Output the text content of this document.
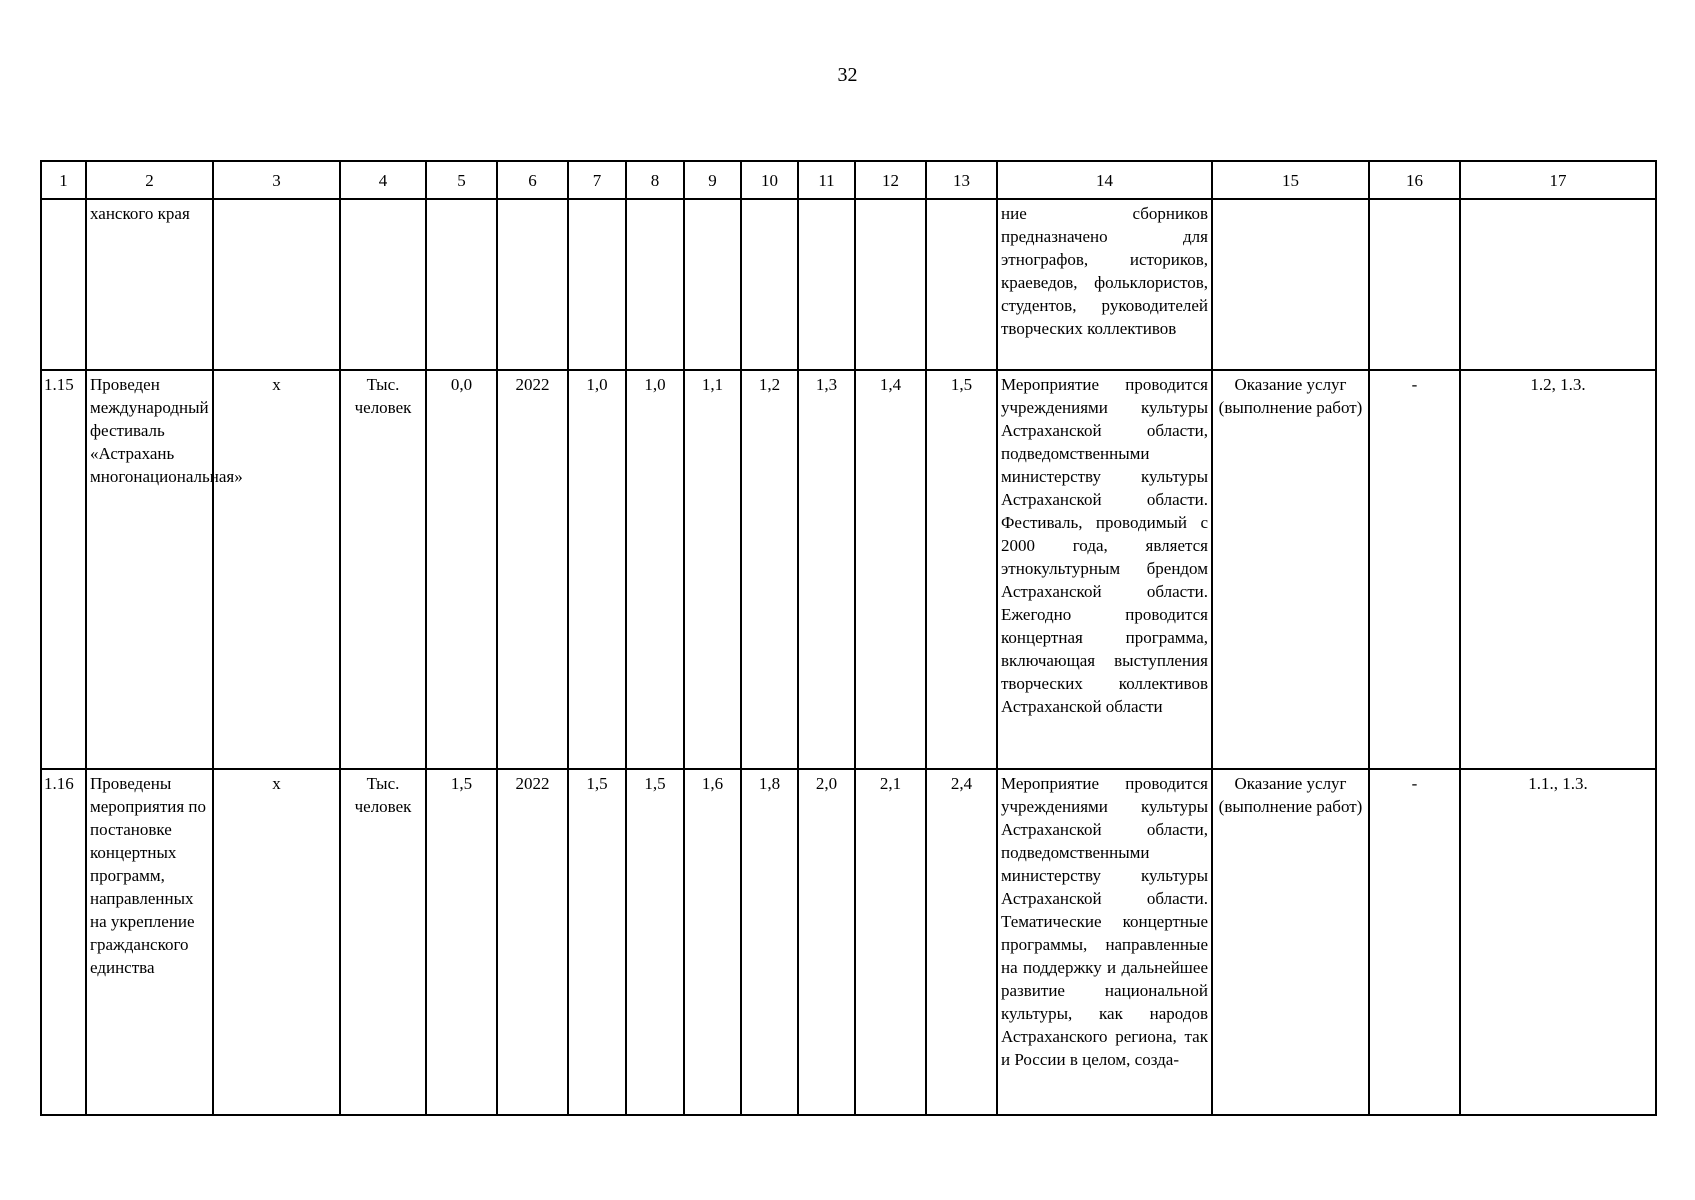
32
1	2	3	4	5	6	7	8	9	10	11	12	13	14	15	16	17
	ханского края												ние сборников предназначено для этнографов, историков, краеведов, фольклористов, студентов, руководителей творческих коллективов			
1.15	Проведен международный фестиваль «Астрахань многонациональная»	х	Тыс. человек	0,0	2022	1,0	1,0	1,1	1,2	1,3	1,4	1,5	Мероприятие проводится учреждениями культуры Астраханской области, подведомственными министерству культуры Астраханской области. Фестиваль, проводимый с 2000 года, является этнокультурным брендом Астраханской области. Ежегодно проводится концертная программа, включающая выступления творческих коллективов Астраханской области	Оказание услуг (выполнение работ)	-	1.2, 1.3.
1.16	Проведены мероприятия по постановке концертных программ, направленных на укрепление гражданского единства	х	Тыс. человек	1,5	2022	1,5	1,5	1,6	1,8	2,0	2,1	2,4	Мероприятие проводится учреждениями культуры Астраханской области, подведомственными министерству культуры Астраханской области. Тематические концертные программы, направленные на поддержку и дальнейшее развитие национальной культуры, как народов Астраханского региона, так и России в целом, созда-	Оказание услуг (выполнение работ)	-	1.1., 1.3.
